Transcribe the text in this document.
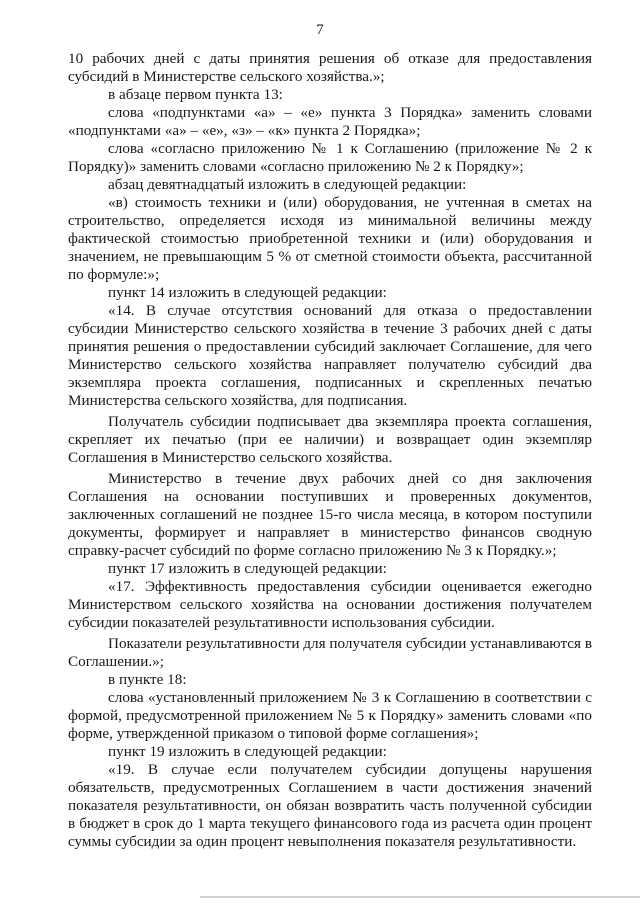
7

10 рабочих дней с даты принятия решения об отказе для предоставления субсидий в Министерстве сельского хозяйства.»;

в абзаце первом пункта 13:

слова «подпунктами «а» – «е» пункта 3 Порядка» заменить словами «подпунктами «а» – «е», «з» – «к» пункта 2 Порядка»;

слова «согласно приложению № 1 к Соглашению (приложение № 2 к Порядку)» заменить словами «согласно приложению № 2 к Порядку»;

абзац девятнадцатый изложить в следующей редакции:

«в) стоимость техники и (или) оборудования, не учтенная в сметах на строительство, определяется исходя из минимальной величины между фактической стоимостью приобретенной техники и (или) оборудования и значением, не превышающим 5 % от сметной стоимости объекта, рассчитанной по формуле:»;

пункт 14 изложить в следующей редакции:

«14. В случае отсутствия оснований для отказа о предоставлении субсидии Министерство сельского хозяйства в течение 3 рабочих дней с даты принятия решения о предоставлении субсидий заключает Соглашение, для чего Министерство сельского хозяйства направляет получателю субсидий два экземпляра проекта соглашения, подписанных и скрепленных печатью Министерства сельского хозяйства, для подписания.

Получатель субсидии подписывает два экземпляра проекта соглашения, скрепляет их печатью (при ее наличии) и возвращает один экземпляр Соглашения в Министерство сельского хозяйства.

Министерство в течение двух рабочих дней со дня заключения Соглашения на основании поступивших и проверенных документов, заключенных соглашений не позднее 15-го числа месяца, в котором поступили документы, формирует и направляет в министерство финансов сводную справку-расчет субсидий по форме согласно приложению № 3 к Порядку.»;

пункт 17 изложить в следующей редакции:

«17. Эффективность предоставления субсидии оценивается ежегодно Министерством сельского хозяйства на основании достижения получателем субсидии показателей результативности использования субсидии.

Показатели результативности для получателя субсидии устанавливаются в Соглашении.»;

в пункте 18:

слова «установленный приложением № 3 к Соглашению в соответствии с формой, предусмотренной приложением № 5 к Порядку» заменить словами «по форме, утвержденной приказом о типовой форме соглашения»;

пункт 19 изложить в следующей редакции:

«19. В случае если получателем субсидии допущены нарушения обязательств, предусмотренных Соглашением в части достижения значений показателя результативности, он обязан возвратить часть полученной субсидии в бюджет в срок до 1 марта текущего финансового года из расчета один процент суммы субсидии за один процент невыполнения показателя результативности.
